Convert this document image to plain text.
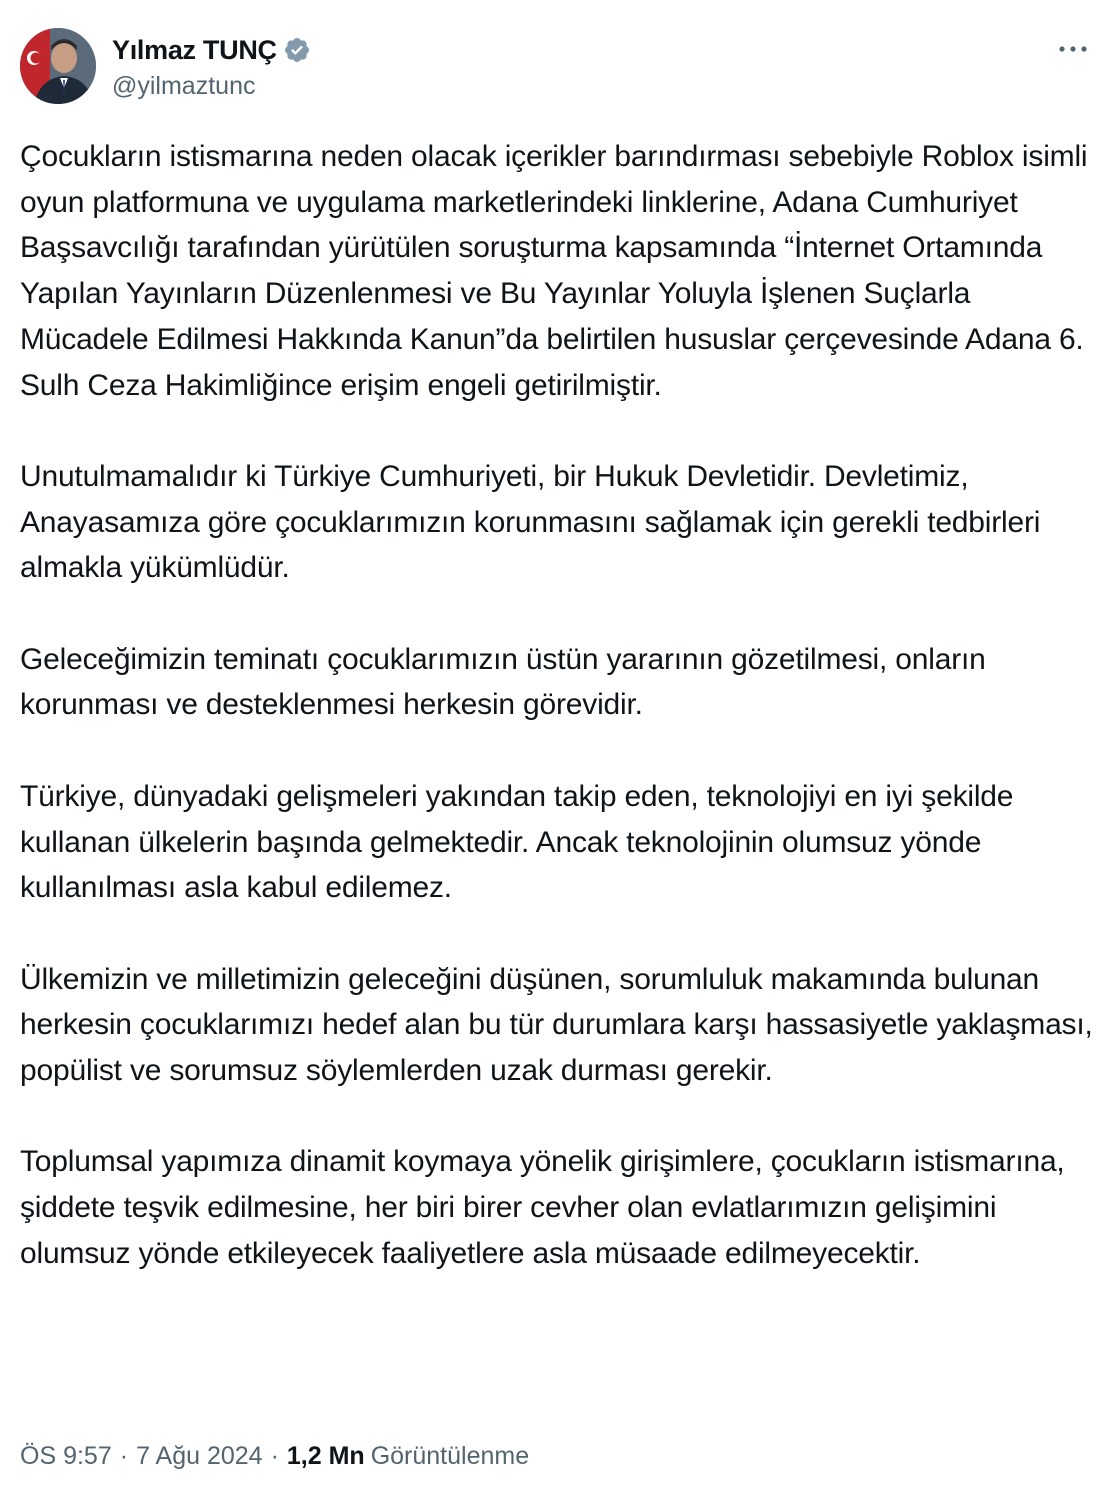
Yılmaz TUNÇ
@yilmaztunc

Çocukların istismarına neden olacak içerikler barındırması sebebiyle Roblox isimli oyun platformuna ve uygulama marketlerindeki linklerine, Adana Cumhuriyet Başsavcılığı tarafından yürütülen soruşturma kapsamında “İnternet Ortamında Yapılan Yayınların Düzenlenmesi ve Bu Yayınlar Yoluyla İşlenen Suçlarla Mücadele Edilmesi Hakkında Kanun”da belirtilen hususlar çerçevesinde Adana 6. Sulh Ceza Hakimliğince erişim engeli getirilmiştir.

Unutulmamalıdır ki Türkiye Cumhuriyeti, bir Hukuk Devletidir. Devletimiz, Anayasamıza göre çocuklarımızın korunmasını sağlamak için gerekli tedbirleri almakla yükümlüdür.

Geleceğimizin teminatı çocuklarımızın üstün yararının gözetilmesi, onların korunması ve desteklenmesi herkesin görevidir.

Türkiye, dünyadaki gelişmeleri yakından takip eden, teknolojiyi en iyi şekilde kullanan ülkelerin başında gelmektedir. Ancak teknolojinin olumsuz yönde kullanılması asla kabul edilemez.

Ülkemizin ve milletimizin geleceğini düşünen, sorumluluk makamında bulunan herkesin çocuklarımızı hedef alan bu tür durumlara karşı hassasiyetle yaklaşması, popülist ve sorumsuz söylemlerden uzak durması gerekir.

Toplumsal yapımıza dinamit koymaya yönelik girişimlere, çocukların istismarına, şiddete teşvik edilmesine, her biri birer cevher olan evlatlarımızın gelişimini olumsuz yönde etkileyecek faaliyetlere asla müsaade edilmeyecektir.

ÖS 9:57 · 7 Ağu 2024 · 1,2 Mn Görüntülenme
